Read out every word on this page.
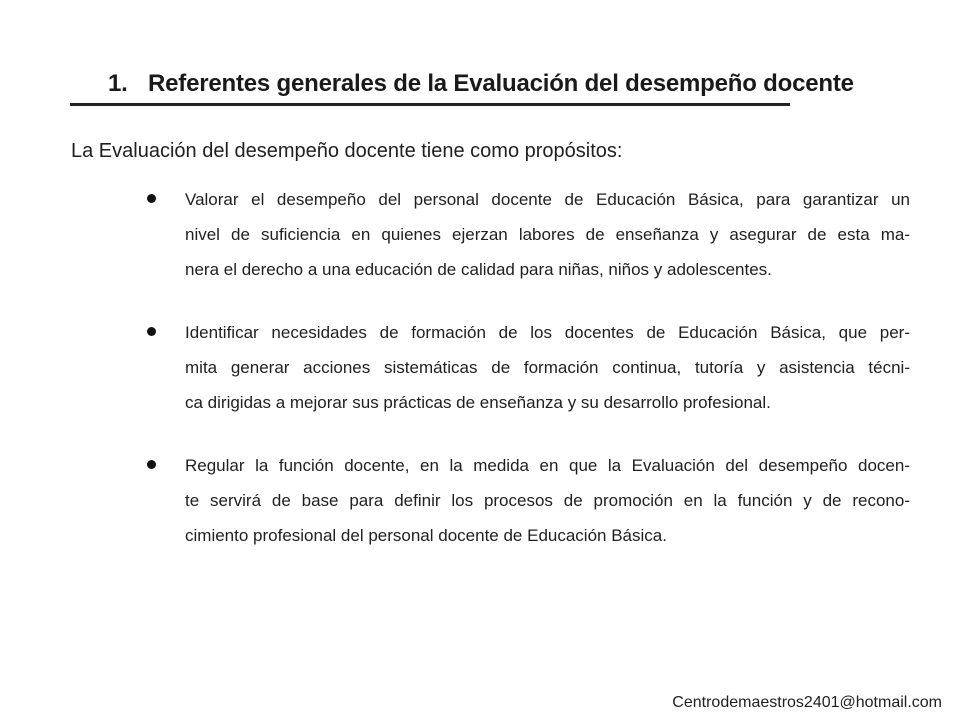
1. Referentes generales de la Evaluación del desempeño docente
La Evaluación del desempeño docente tiene como propósitos:
Valorar el desempeño del personal docente de Educación Básica, para garantizar un
nivel de suficiencia en quienes ejerzan labores de enseñanza y asegurar de esta ma-
nera el derecho a una educación de calidad para niñas, niños y adolescentes.
Identificar necesidades de formación de los docentes de Educación Básica, que per-
mita generar acciones sistemáticas de formación continua, tutoría y asistencia técni-
ca dirigidas a mejorar sus prácticas de enseñanza y su desarrollo profesional.
Regular la función docente, en la medida en que la Evaluación del desempeño docen-
te servirá de base para definir los procesos de promoción en la función y de recono-
cimiento profesional del personal docente de Educación Básica.
Centrodemaestros2401@hotmail.com
